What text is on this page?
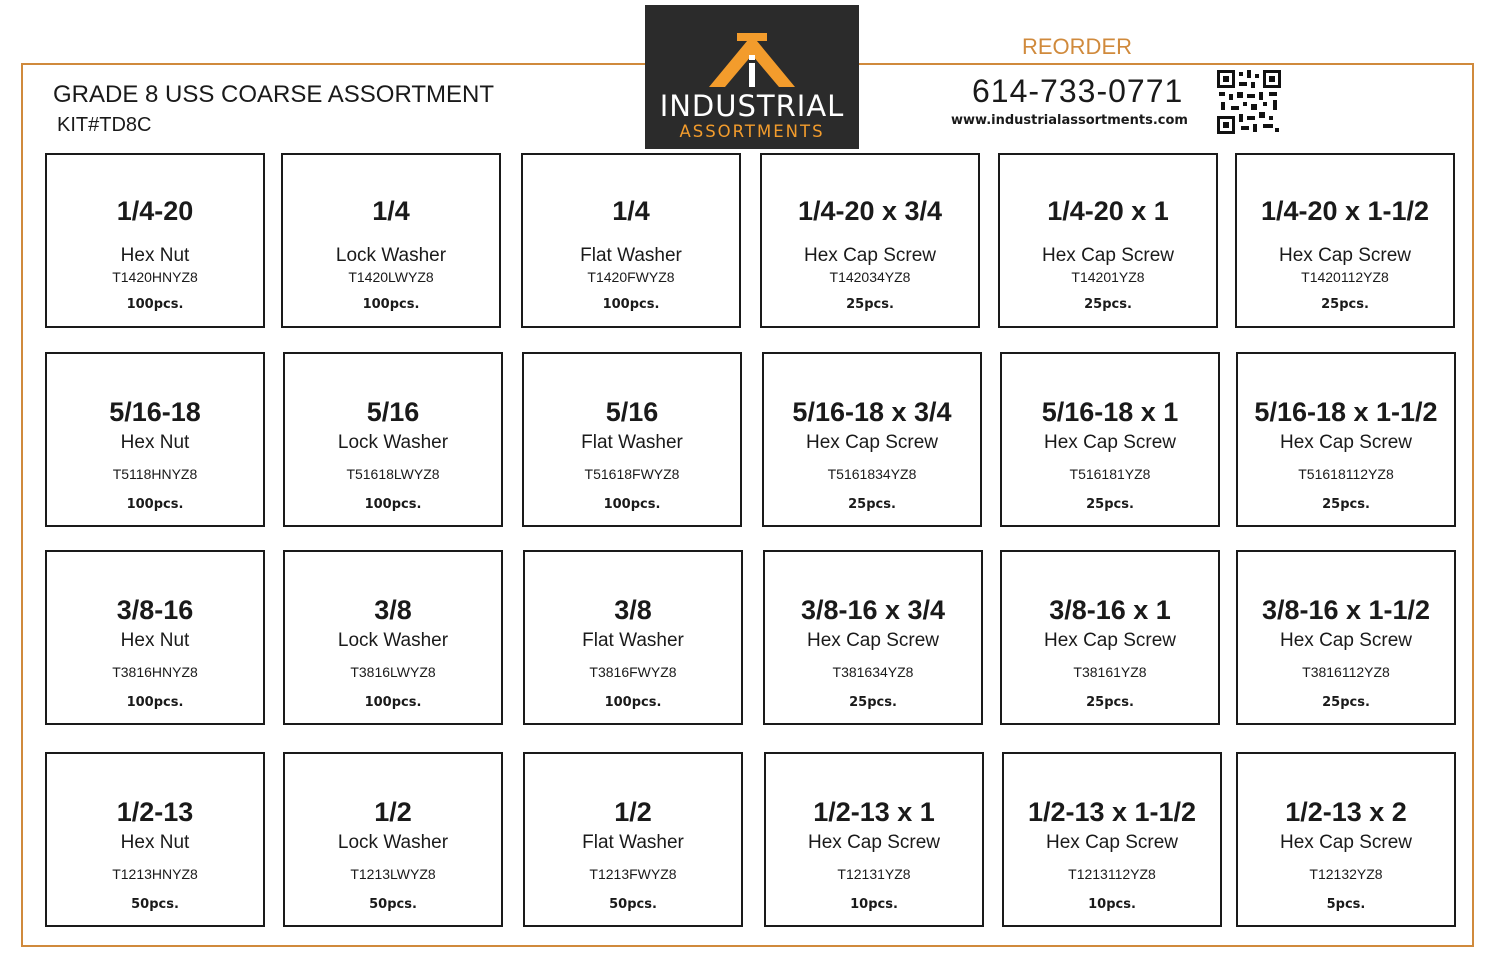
GRADE 8 USS COARSE ASSORTMENT
KIT#TD8C
INDUSTRIAL
ASSORTMENTS
REORDER
614-733-0771
www.industrialassortments.com
1/4-20
Hex Nut
T1420HNYZ8
100pcs.
1/4
Lock Washer
T1420LWYZ8
100pcs.
1/4
Flat Washer
T1420FWYZ8
100pcs.
1/4-20 x 3/4
Hex Cap Screw
T142034YZ8
25pcs.
1/4-20 x 1
Hex Cap Screw
T14201YZ8
25pcs.
1/4-20 x 1-1/2
Hex Cap Screw
T1420112YZ8
25pcs.
5/16-18
Hex Nut
T5118HNYZ8
100pcs.
5/16
Lock Washer
T51618LWYZ8
100pcs.
5/16
Flat Washer
T51618FWYZ8
100pcs.
5/16-18 x 3/4
Hex Cap Screw
T5161834YZ8
25pcs.
5/16-18 x 1
Hex Cap Screw
T516181YZ8
25pcs.
5/16-18 x 1-1/2
Hex Cap Screw
T51618112YZ8
25pcs.
3/8-16
Hex Nut
T3816HNYZ8
100pcs.
3/8
Lock Washer
T3816LWYZ8
100pcs.
3/8
Flat Washer
T3816FWYZ8
100pcs.
3/8-16 x 3/4
Hex Cap Screw
T381634YZ8
25pcs.
3/8-16 x 1
Hex Cap Screw
T38161YZ8
25pcs.
3/8-16 x 1-1/2
Hex Cap Screw
T3816112YZ8
25pcs.
1/2-13
Hex Nut
T1213HNYZ8
50pcs.
1/2
Lock Washer
T1213LWYZ8
50pcs.
1/2
Flat Washer
T1213FWYZ8
50pcs.
1/2-13 x 1
Hex Cap Screw
T12131YZ8
10pcs.
1/2-13 x 1-1/2
Hex Cap Screw
T1213112YZ8
10pcs.
1/2-13 x 2
Hex Cap Screw
T12132YZ8
5pcs.
